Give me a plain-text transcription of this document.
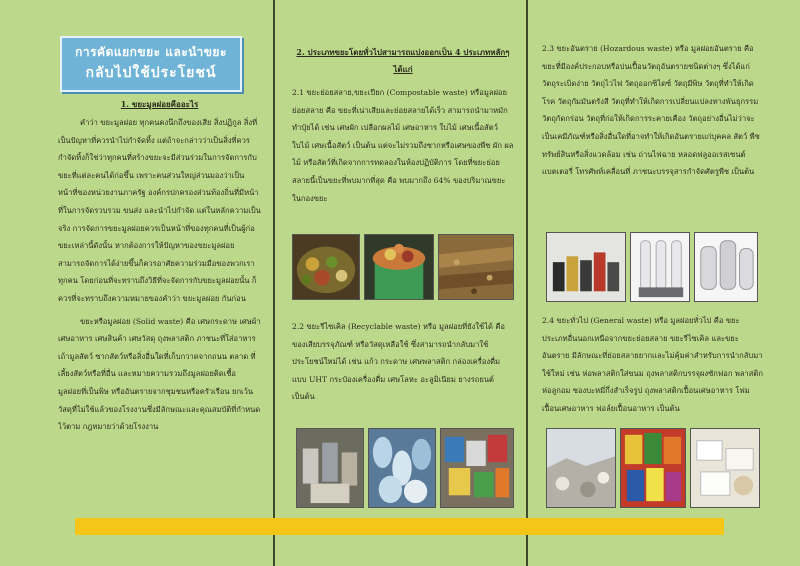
การคัดแยกขยะ และนำขยะ
กลับไปใช้ประโยชน์

1. ขยะมูลฝอยคืออะไร

คำว่า ขยะมูลฝอย ทุกคนคงนึกถึงของเสีย สิ่งปฏิกูล สิ่งที่เป็นปัญหาที่ควรนำไปกำจัดทิ้ง แต่ถ้าจะกล่าวว่าเป็นสิ่งที่ควรกำจัดทิ้งก็ใช่ว่าทุกคนที่สร้างขยะจะมีส่วนร่วมในการจัดการกับขยะที่แต่ละคนได้ก่อขึ้น เพราะคนส่วนใหญ่ส่วนมองว่าเป็นหน้าที่ของหน่วยงานภาครัฐ องค์กรปกครองส่วนท้องถิ่นที่มีหน้าที่ในการจัดรวบรวม ขนส่ง และนำไปกำจัด แต่ในหลักความเป็นจริง การจัดการขยะมูลฝอยควรเป็นหน้าที่ของทุกคนที่เป็นผู้ก่อขยะเหล่านี้ดังนั้น หากต้องการให้ปัญหาของขยะมูลฝอยสามารถจัดการได้ง่ายขึ้นก็ควรอาศัยความร่วมมือของพวกเราทุกคน โดยก่อนที่จะทราบถึงวิธีที่จะจัดการกับขยะมูลฝอยนั้น ก็ควรที่จะทราบถึงความหมายของคำว่า ขยะมูลฝอย กันก่อน

ขยะหรือมูลฝอย (Solid waste) คือ เศษกระดาษ เศษผ้า เศษอาหาร เศษสินค้า เศษวัสดุ ถุงพลาสติก ภาชนะที่ใส่อาหาร เถ้ามูลสัตว์ ซากสัตว์หรือสิ่งอื่นใดที่เก็บกวาดจากถนน ตลาด ที่เลี้ยงสัตว์หรือที่อื่น และหมายความรวมถึงมูลฝอยติดเชื้อ มูลฝอยที่เป็นพิษ หรืออันตรายจากชุมชนหรือครัวเรือน ยกเว้นวัสดุที่ไม่ใช้แล้วของโรงงานซึ่งมีลักษณะและคุณสมบัติที่กำหนดไว้ตาม กฎหมายว่าด้วยโรงงาน

2. ประเภทขยะโดยทั่วไปสามารถแบ่งออกเป็น 4 ประเภทหลักๆ ได้แก่

2.1 ขยะย่อยสลาย,ขยะเปียก (Compostable waste) หรือมูลฝอยย่อยสลาย คือ ขยะที่เน่าเสียและย่อยสลายได้เร็ว สามารถนำมาหมักทำปุ๋ยได้ เช่น เศษผัก เปลือกผลไม้ เศษอาหาร ใบไม้ เศษเนื้อสัตว์ ใบไม้ เศษเนื้อสัตว์ เป็นต้น แต่จะไม่รวมถึงซากหรือเศษของพืช ผัก ผลไม้ หรือสัตว์ที่เกิดจากการทดลองในห้องปฏิบัติการ โดยที่ขยะย่อยสลายนี้เป็นขยะที่พบมากที่สุด คือ พบมากถึง 64% ของปริมาณขยะในกองขยะ

2.2 ขยะรีไซเคิล (Recyclable waste) หรือ มูลฝอยที่ยังใช้ได้ คือ ของเสียบรรจุภัณฑ์ หรือวัสดุเหลือใช้ ซึ่งสามารถนำกลับมาใช้ประโยชน์ใหม่ได้ เช่น แก้ว กระดาษ เศษพลาสติก กล่องเครื่องดื่มแบบ UHT กระป๋องเครื่องดื่ม เศษโลหะ อะลูมิเนียม ยางรถยนต์ เป็นต้น

2.3 ขยะอันตราย (Hozardous waste) หรือ มูลฝอยอันตราย คือ ขยะที่มีองค์ประกอบหรือปนเปื้อนวัตถุอันตรายชนิดต่างๆ ซึ่งได้แก่ วัตถุระเบิดง่าย วัตถุไวไฟ วัตถุออกซิไดซ์ วัตถุมีพิษ วัตถุที่ทำให้เกิดโรค วัตถุกัมมันตรังสี วัตถุที่ทำให้เกิดการเปลี่ยนแปลงทางพันธุกรรม วัตถุกัดกร่อน วัตถุที่ก่อให้เกิดการระคายเคือง วัตถุอย่างอื่นไม่ว่าจะเป็นเคมีภัณฑ์หรือสิ่งอื่นใดที่อาจทำให้เกิดอันตรายแก่บุคคล สัตว์ พืช ทรัพย์สินหรือสิ่งแวดล้อม เช่น ถ่านไฟฉาย หลอดฟลูออเรสเซนต์ แบตเตอรี่ โทรศัพท์เคลื่อนที่ ภาชนะบรรจุสารกำจัดศัตรูพืช เป็นต้น

2.4 ขยะทั่วไป (General waste) หรือ มูลฝอยทั่วไป คือ ขยะประเภทอื่นนอกเหนือจากขยะย่อยสลาย ขยะรีไซเคิล และขยะอันตราย มีลักษณะที่ย่อยสลายยากและไม่คุ้มค่าสำหรับการนำกลับมาใช้ใหม่ เช่น ห่อพลาสติกใส่ขนม ถุงพลาสติกบรรจุผงซักฟอก พลาสติกห่อลูกอม ซองบะหมี่กึ่งสำเร็จรูป ถุงพลาสติกเปื้อนเศษอาหาร โฟมเปื้อนเศษอาหาร ฟอล์ยเปื้อนอาหาร เป็นต้น
